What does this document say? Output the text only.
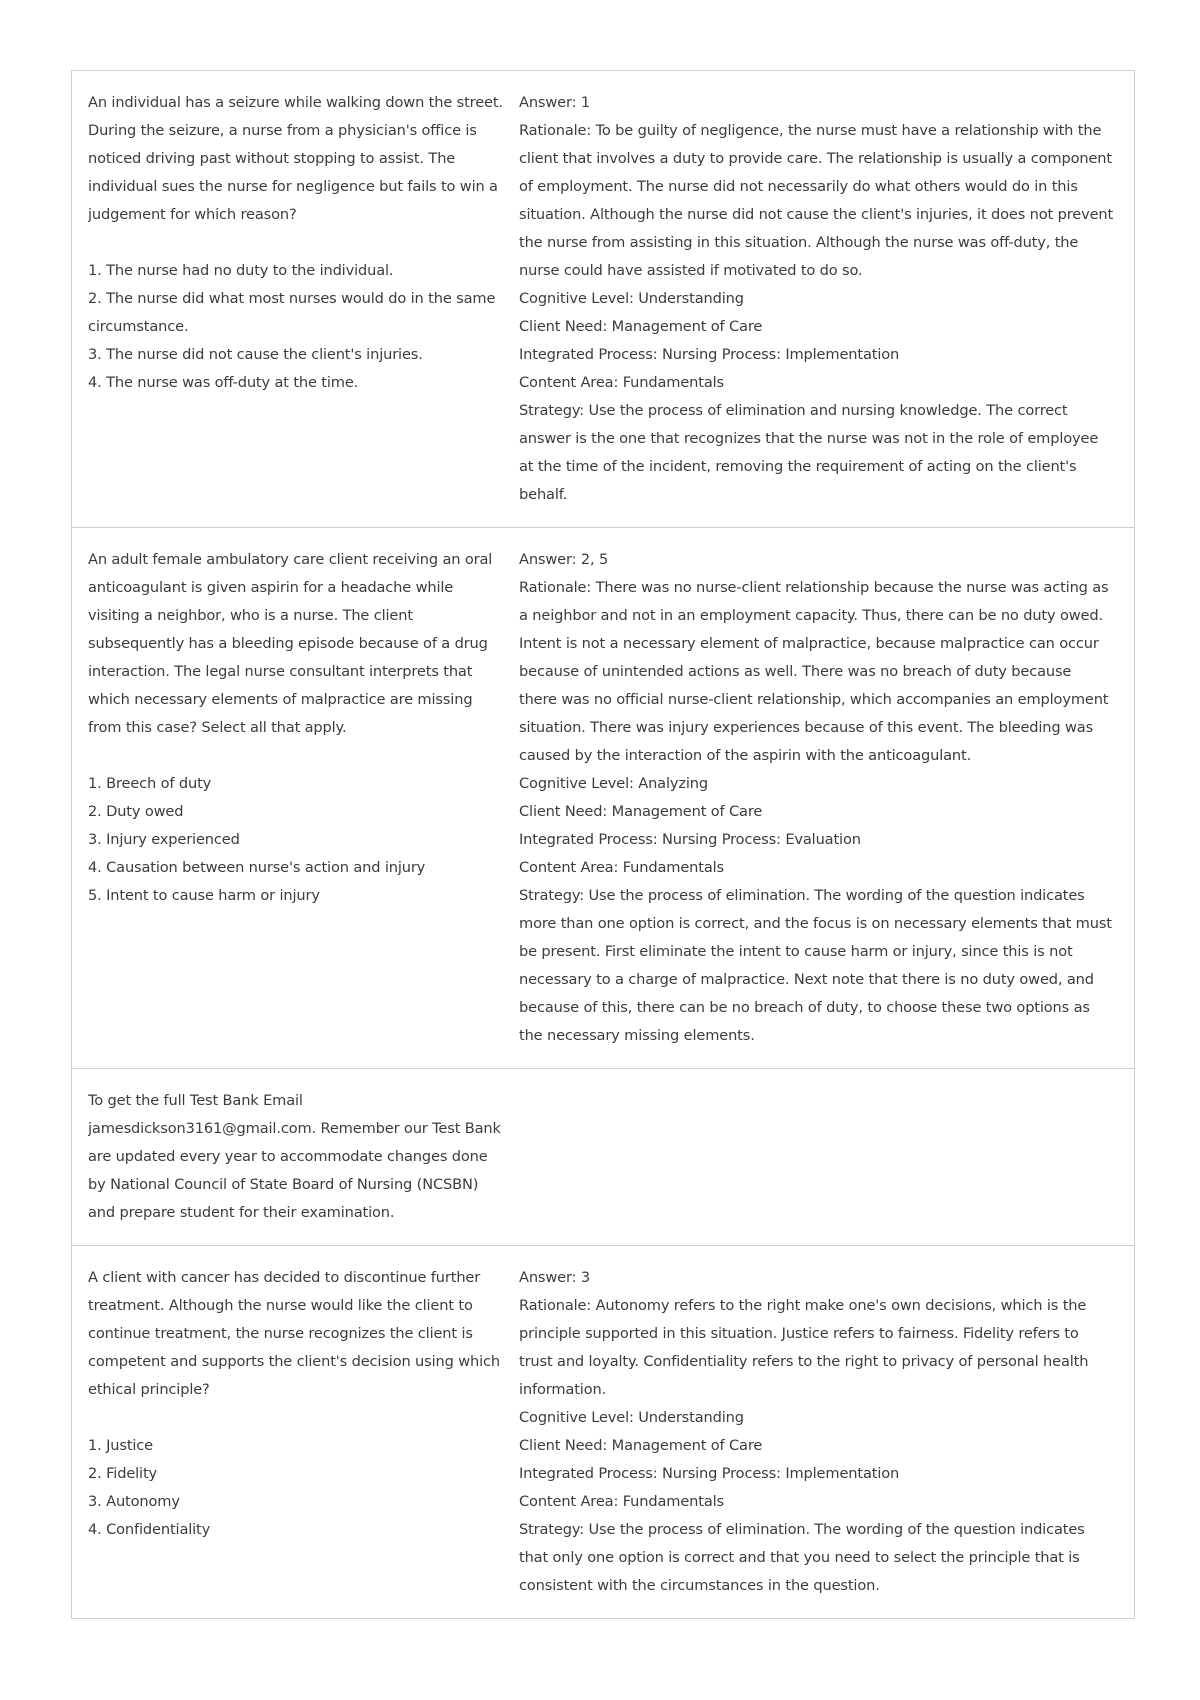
An individual has a seizure while walking down the street.
During the seizure, a nurse from a physician's office is
noticed driving past without stopping to assist. The
individual sues the nurse for negligence but fails to win a
judgement for which reason?
1. The nurse had no duty to the individual.
2. The nurse did what most nurses would do in the same
circumstance.
3. The nurse did not cause the client's injuries.
4. The nurse was off-duty at the time.
Answer: 1
Rationale: To be guilty of negligence, the nurse must have a relationship with the
client that involves a duty to provide care. The relationship is usually a component
of employment. The nurse did not necessarily do what others would do in this
situation. Although the nurse did not cause the client's injuries, it does not prevent
the nurse from assisting in this situation. Although the nurse was off-duty, the
nurse could have assisted if motivated to do so.
Cognitive Level: Understanding
Client Need: Management of Care
Integrated Process: Nursing Process: Implementation
Content Area: Fundamentals
Strategy: Use the process of elimination and nursing knowledge. The correct
answer is the one that recognizes that the nurse was not in the role of employee
at the time of the incident, removing the requirement of acting on the client's
behalf.
An adult female ambulatory care client receiving an oral
anticoagulant is given aspirin for a headache while
visiting a neighbor, who is a nurse. The client
subsequently has a bleeding episode because of a drug
interaction. The legal nurse consultant interprets that
which necessary elements of malpractice are missing
from this case? Select all that apply.
1. Breech of duty
2. Duty owed
3. Injury experienced
4. Causation between nurse's action and injury
5. Intent to cause harm or injury
Answer: 2, 5
Rationale: There was no nurse-client relationship because the nurse was acting as
a neighbor and not in an employment capacity. Thus, there can be no duty owed.
Intent is not a necessary element of malpractice, because malpractice can occur
because of unintended actions as well. There was no breach of duty because
there was no official nurse-client relationship, which accompanies an employment
situation. There was injury experiences because of this event. The bleeding was
caused by the interaction of the aspirin with the anticoagulant.
Cognitive Level: Analyzing
Client Need: Management of Care
Integrated Process: Nursing Process: Evaluation
Content Area: Fundamentals
Strategy: Use the process of elimination. The wording of the question indicates
more than one option is correct, and the focus is on necessary elements that must
be present. First eliminate the intent to cause harm or injury, since this is not
necessary to a charge of malpractice. Next note that there is no duty owed, and
because of this, there can be no breach of duty, to choose these two options as
the necessary missing elements.
To get the full Test Bank Email
jamesdickson3161@gmail.com. Remember our Test Bank
are updated every year to accommodate changes done
by National Council of State Board of Nursing (NCSBN)
and prepare student for their examination.
A client with cancer has decided to discontinue further
treatment. Although the nurse would like the client to
continue treatment, the nurse recognizes the client is
competent and supports the client's decision using which
ethical principle?
1. Justice
2. Fidelity
3. Autonomy
4. Confidentiality
Answer: 3
Rationale: Autonomy refers to the right make one's own decisions, which is the
principle supported in this situation. Justice refers to fairness. Fidelity refers to
trust and loyalty. Confidentiality refers to the right to privacy of personal health
information.
Cognitive Level: Understanding
Client Need: Management of Care
Integrated Process: Nursing Process: Implementation
Content Area: Fundamentals
Strategy: Use the process of elimination. The wording of the question indicates
that only one option is correct and that you need to select the principle that is
consistent with the circumstances in the question.
